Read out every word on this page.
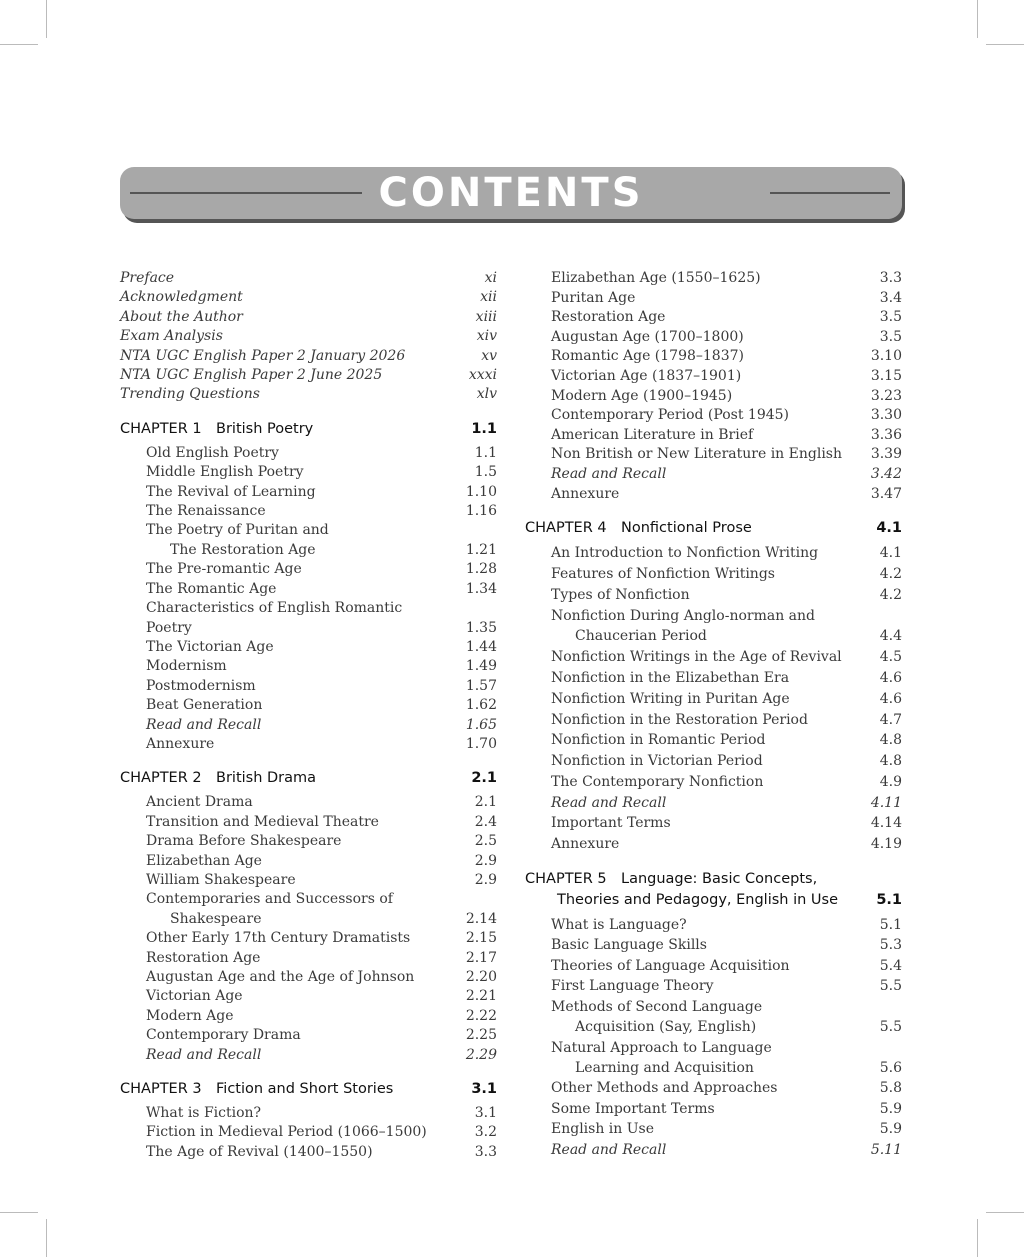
CONTENTS
Preface	xi
Acknowledgment	xii
About the Author	xiii
Exam Analysis	xiv
NTA UGC English Paper 2 January 2026	xv
NTA UGC English Paper 2 June 2025	xxxi
Trending Questions	xlv
CHAPTER 1 British Poetry	1.1
Old English Poetry	1.1
Middle English Poetry	1.5
The Revival of Learning	1.10
The Renaissance	1.16
The Poetry of Puritan and
The Restoration Age	1.21
The Pre-romantic Age	1.28
The Romantic Age	1.34
Characteristics of English Romantic Poetry	1.35
The Victorian Age	1.44
Modernism	1.49
Postmodernism	1.57
Beat Generation	1.62
Read and Recall	1.65
Annexure	1.70
CHAPTER 2 British Drama	2.1
Ancient Drama	2.1
Transition and Medieval Theatre	2.4
Drama Before Shakespeare	2.5
Elizabethan Age	2.9
William Shakespeare	2.9
Contemporaries and Successors of
Shakespeare	2.14
Other Early 17th Century Dramatists	2.15
Restoration Age	2.17
Augustan Age and the Age of Johnson	2.20
Victorian Age	2.21
Modern Age	2.22
Contemporary Drama	2.25
Read and Recall	2.29
CHAPTER 3 Fiction and Short Stories	3.1
What is Fiction?	3.1
Fiction in Medieval Period (1066–1500)	3.2
The Age of Revival (1400–1550)	3.3
Elizabethan Age (1550–1625)	3.3
Puritan Age	3.4
Restoration Age	3.5
Augustan Age (1700–1800)	3.5
Romantic Age (1798–1837)	3.10
Victorian Age (1837–1901)	3.15
Modern Age (1900–1945)	3.23
Contemporary Period (Post 1945)	3.30
American Literature in Brief	3.36
Non British or New Literature in English	3.39
Read and Recall	3.42
Annexure	3.47
CHAPTER 4 Nonfictional Prose	4.1
An Introduction to Nonfiction Writing	4.1
Features of Nonfiction Writings	4.2
Types of Nonfiction	4.2
Nonfiction During Anglo-norman and
Chaucerian Period	4.4
Nonfiction Writings in the Age of Revival	4.5
Nonfiction in the Elizabethan Era	4.6
Nonfiction Writing in Puritan Age	4.6
Nonfiction in the Restoration Period	4.7
Nonfiction in Romantic Period	4.8
Nonfiction in Victorian Period	4.8
The Contemporary Nonfiction	4.9
Read and Recall	4.11
Important Terms	4.14
Annexure	4.19
CHAPTER 5 Language: Basic Concepts,
Theories and Pedagogy, English in Use	5.1
What is Language?	5.1
Basic Language Skills	5.3
Theories of Language Acquisition	5.4
First Language Theory	5.5
Methods of Second Language
Acquisition (Say, English)	5.5
Natural Approach to Language
Learning and Acquisition	5.6
Other Methods and Approaches	5.8
Some Important Terms	5.9
English in Use	5.9
Read and Recall	5.11
